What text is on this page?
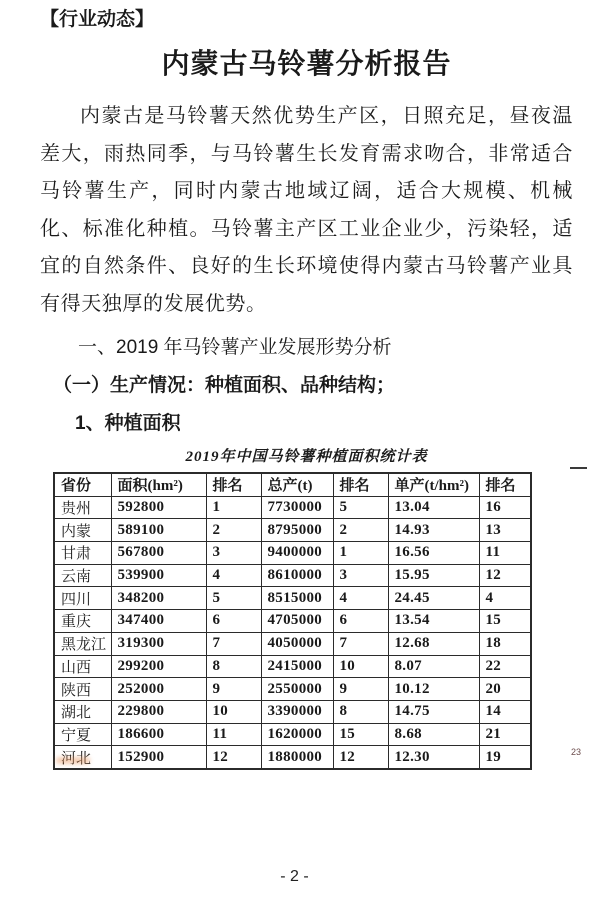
【行业动态】
内蒙古马铃薯分析报告

内蒙古是马铃薯天然优势生产区，日照充足，昼夜温差大，雨热同季，与马铃薯生长发育需求吻合，非常适合马铃薯生产，同时内蒙古地域辽阔，适合大规模、机械化、标准化种植。马铃薯主产区工业企业少，污染轻，适宜的自然条件、良好的生长环境使得内蒙古马铃薯产业具有得天独厚的发展优势。

一、2019 年马铃薯产业发展形势分析
（一）生产情况：种植面积、品种结构；
1、种植面积
2019年中国马铃薯种植面积统计表
省份	面积(hm²)	排名	总产(t)	排名	单产(t/hm²)	排名
贵州	592800	1	7730000	5	13.04	16
内蒙	589100	2	8795000	2	14.93	13
甘肃	567800	3	9400000	1	16.56	11
云南	539900	4	8610000	3	15.95	12
四川	348200	5	8515000	4	24.45	4
重庆	347400	6	4705000	6	13.54	15
黑龙江	319300	7	4050000	7	12.68	18
山西	299200	8	2415000	10	8.07	22
陕西	252000	9	2550000	9	10.12	20
湖北	229800	10	3390000	8	14.75	14
宁夏	186600	11	1620000	15	8.68	21
河北	152900	12	1880000	12	12.30	19	23
- 2 -
